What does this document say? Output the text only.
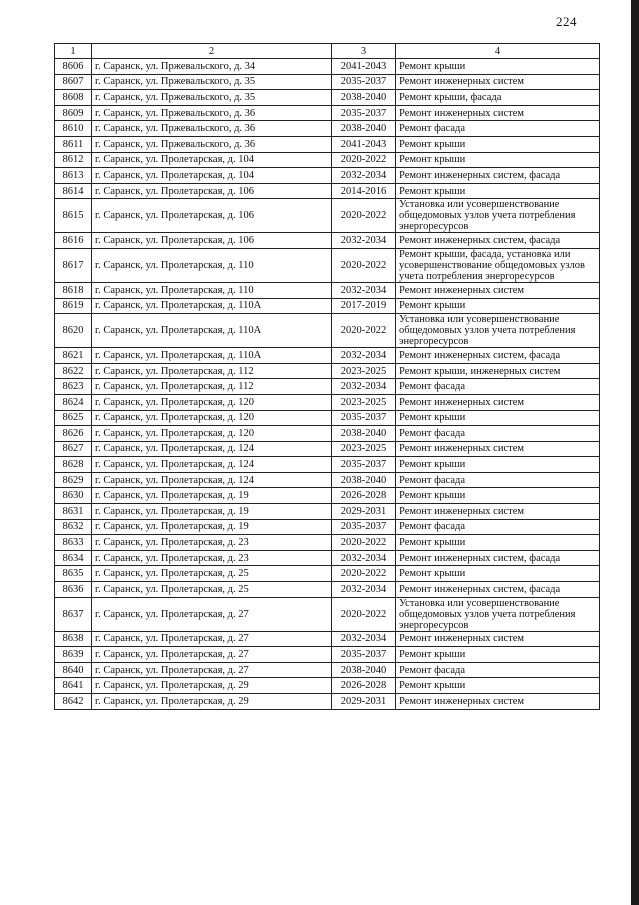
224
1	2	3	4
8606	г. Саранск, ул. Пржевальского, д. 34	2041-2043	Ремонт крыши
8607	г. Саранск, ул. Пржевальского, д. 35	2035-2037	Ремонт инженерных систем
8608	г. Саранск, ул. Пржевальского, д. 35	2038-2040	Ремонт крыши, фасада
8609	г. Саранск, ул. Пржевальского, д. 36	2035-2037	Ремонт инженерных систем
8610	г. Саранск, ул. Пржевальского, д. 36	2038-2040	Ремонт фасада
8611	г. Саранск, ул. Пржевальского, д. 36	2041-2043	Ремонт крыши
8612	г. Саранск, ул. Пролетарская, д. 104	2020-2022	Ремонт крыши
8613	г. Саранск, ул. Пролетарская, д. 104	2032-2034	Ремонт инженерных систем, фасада
8614	г. Саранск, ул. Пролетарская, д. 106	2014-2016	Ремонт крыши
8615	г. Саранск, ул. Пролетарская, д. 106	2020-2022	Установка или усовершенствование общедомовых узлов учета потребления энергоресурсов
8616	г. Саранск, ул. Пролетарская, д. 106	2032-2034	Ремонт инженерных систем, фасада
8617	г. Саранск, ул. Пролетарская, д. 110	2020-2022	Ремонт крыши, фасада, установка или усовершенствование общедомовых узлов учета потребления энергоресурсов
8618	г. Саранск, ул. Пролетарская, д. 110	2032-2034	Ремонт инженерных систем
8619	г. Саранск, ул. Пролетарская, д. 110А	2017-2019	Ремонт крыши
8620	г. Саранск, ул. Пролетарская, д. 110А	2020-2022	Установка или усовершенствование общедомовых узлов учета потребления энергоресурсов
8621	г. Саранск, ул. Пролетарская, д. 110А	2032-2034	Ремонт инженерных систем, фасада
8622	г. Саранск, ул. Пролетарская, д. 112	2023-2025	Ремонт крыши, инженерных систем
8623	г. Саранск, ул. Пролетарская, д. 112	2032-2034	Ремонт фасада
8624	г. Саранск, ул. Пролетарская, д. 120	2023-2025	Ремонт инженерных систем
8625	г. Саранск, ул. Пролетарская, д. 120	2035-2037	Ремонт крыши
8626	г. Саранск, ул. Пролетарская, д. 120	2038-2040	Ремонт фасада
8627	г. Саранск, ул. Пролетарская, д. 124	2023-2025	Ремонт инженерных систем
8628	г. Саранск, ул. Пролетарская, д. 124	2035-2037	Ремонт крыши
8629	г. Саранск, ул. Пролетарская, д. 124	2038-2040	Ремонт фасада
8630	г. Саранск, ул. Пролетарская, д. 19	2026-2028	Ремонт крыши
8631	г. Саранск, ул. Пролетарская, д. 19	2029-2031	Ремонт инженерных систем
8632	г. Саранск, ул. Пролетарская, д. 19	2035-2037	Ремонт фасада
8633	г. Саранск, ул. Пролетарская, д. 23	2020-2022	Ремонт крыши
8634	г. Саранск, ул. Пролетарская, д. 23	2032-2034	Ремонт инженерных систем, фасада
8635	г. Саранск, ул. Пролетарская, д. 25	2020-2022	Ремонт крыши
8636	г. Саранск, ул. Пролетарская, д. 25	2032-2034	Ремонт инженерных систем, фасада
8637	г. Саранск, ул. Пролетарская, д. 27	2020-2022	Установка или усовершенствование общедомовых узлов учета потребления энергоресурсов
8638	г. Саранск, ул. Пролетарская, д. 27	2032-2034	Ремонт инженерных систем
8639	г. Саранск, ул. Пролетарская, д. 27	2035-2037	Ремонт крыши
8640	г. Саранск, ул. Пролетарская, д. 27	2038-2040	Ремонт фасада
8641	г. Саранск, ул. Пролетарская, д. 29	2026-2028	Ремонт крыши
8642	г. Саранск, ул. Пролетарская, д. 29	2029-2031	Ремонт инженерных систем
